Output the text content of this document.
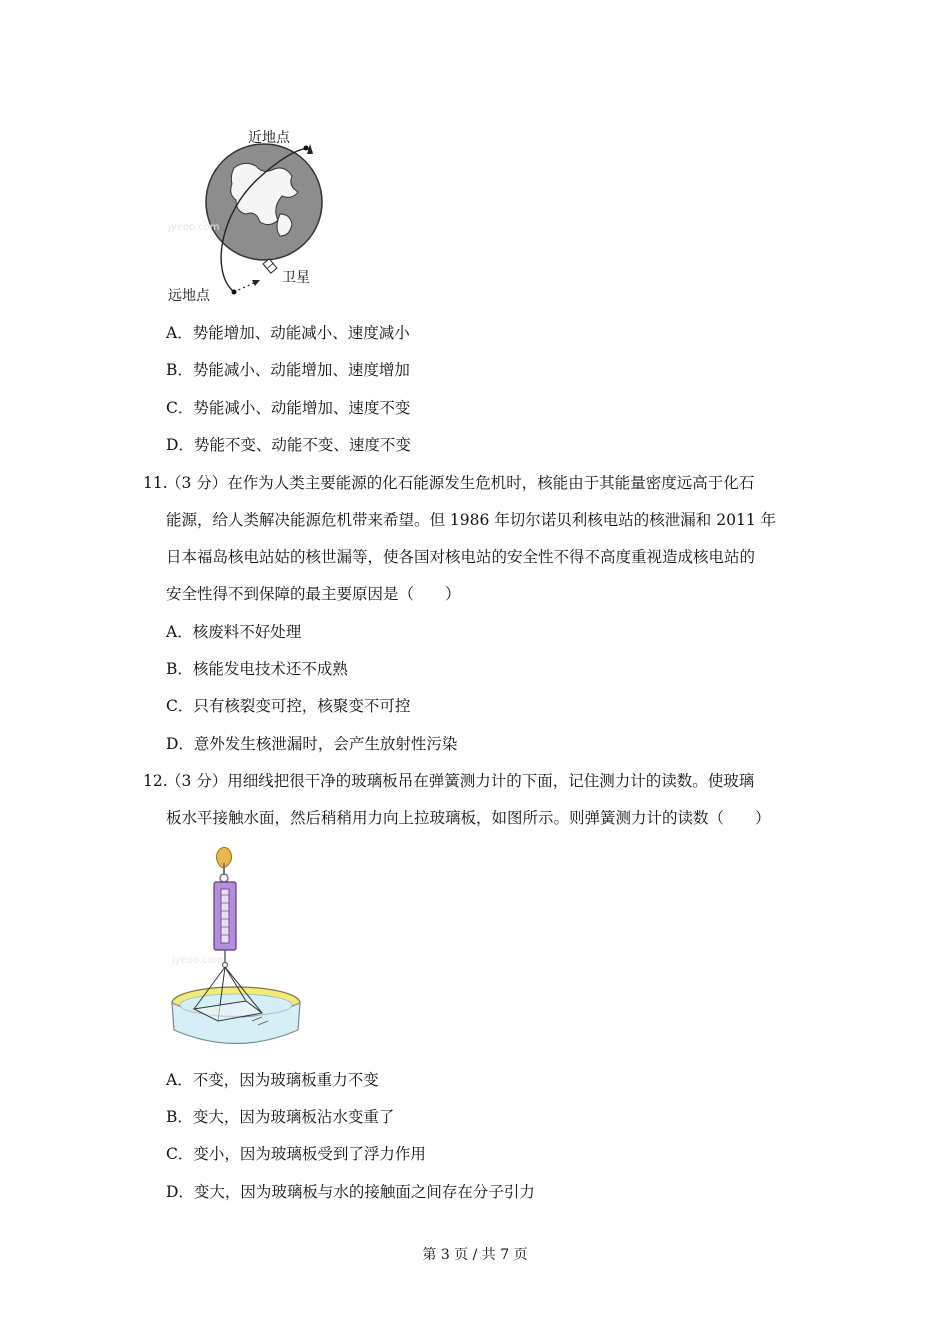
近地点
卫星
远地点
jyeoo.com
A．势能增加、动能减小、速度减小
B．势能减小、动能增加、速度增加
C．势能减小、动能增加、速度不变
D．势能不变、动能不变、速度不变
11.
（3 分）在作为人类主要能源的化石能源发生危机时，核能由于其能量密度远高于化石
能源，给人类解决能源危机带来希望。但 1986 年切尔诺贝利核电站的核泄漏和 2011 年
日本福岛核电站姑的核世漏等，使各国对核电站的安全性不得不高度重视造成核电站的
安全性得不到保障的最主要原因是（　　）
A．核废料不好处理
B．核能发电技术还不成熟
C．只有核裂变可控，核聚变不可控
D．意外发生核泄漏时，会产生放射性污染
12.
（3 分）用细线把很干净的玻璃板吊在弹簧测力计的下面，记住测力计的读数。使玻璃
板水平接触水面，然后稍稍用力向上拉玻璃板，如图所示。则弹簧测力计的读数（　　）
jyeoo.com
A．不变，因为玻璃板重力不变
B．变大，因为玻璃板沾水变重了
C．变小，因为玻璃板受到了浮力作用
D．变大，因为玻璃板与水的接触面之间存在分子引力
第 3 页 / 共 7 页
